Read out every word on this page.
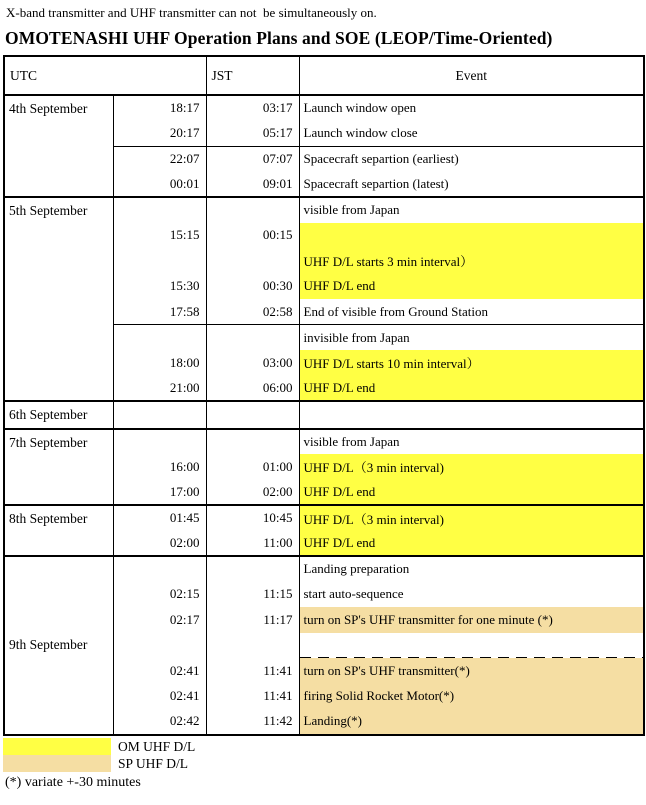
X-band transmitter and UHF transmitter can not  be simultaneously on.
OMOTENASHI UHF Operation Plans and SOE (LEOP/Time-Oriented)
UTC		JST	Event
4th September	18:17	03:17	Launch window open
	20:17	05:17	Launch window close
	22:07	07:07	Spacecraft separtion (earliest)
	00:01	09:01	Spacecraft separtion (latest)
5th September			visible from Japan
	15:15	00:15	
			UHF D/L starts 3 min interval）
	15:30	00:30	UHF D/L end
	17:58	02:58	End of visible from Ground Station
			invisible from Japan
	18:00	03:00	UHF D/L starts 10 min interval）
	21:00	06:00	UHF D/L end
6th September			
7th September			visible from Japan
	16:00	01:00	UHF D/L（3 min interval)
	17:00	02:00	UHF D/L end
8th September	01:45	10:45	UHF D/L（3 min interval)
	02:00	11:00	UHF D/L end
9th September			Landing preparation
	02:15	11:15	start auto-sequence
	02:17	11:17	turn on SP's UHF transmitter for one minute (*)

	02:41	11:41	turn on SP's UHF transmitter(*)
	02:41	11:41	firing Solid Rocket Motor(*)
	02:42	11:42	Landing(*)
OM UHF D/L
SP UHF D/L
(*) variate +-30 minutes
